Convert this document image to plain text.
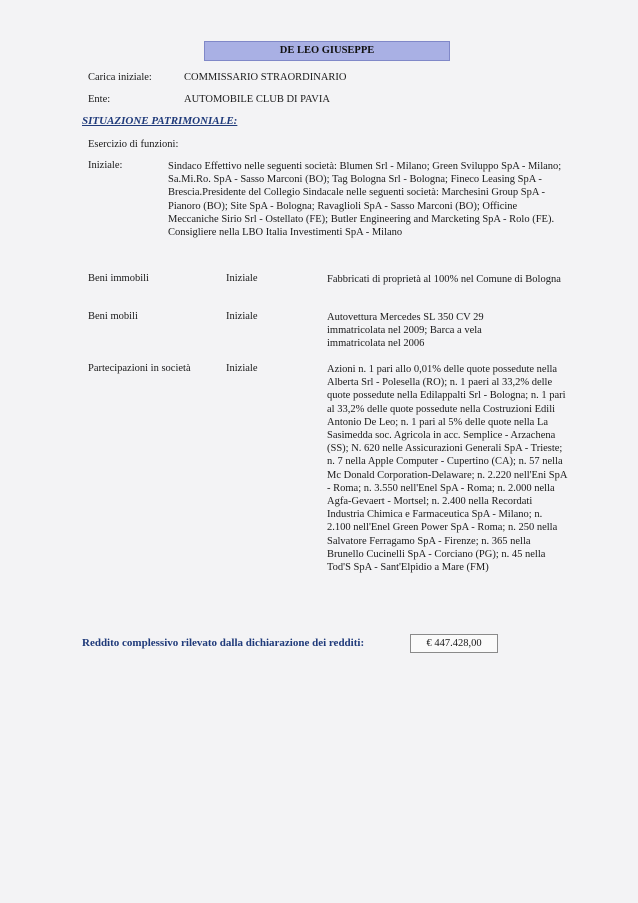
DE LEO GIUSEPPE
Carica iniziale:	COMMISSARIO STRAORDINARIO
Ente:	AUTOMOBILE CLUB DI PAVIA
SITUAZIONE PATRIMONIALE:
Esercizio di funzioni:
Iniziale:	Sindaco Effettivo nelle seguenti società: Blumen Srl - Milano; Green Sviluppo SpA - Milano; Sa.Mi.Ro. SpA - Sasso Marconi (BO); Tag Bologna Srl - Bologna; Fineco Leasing SpA - Brescia.Presidente del Collegio Sindacale nelle seguenti società: Marchesini Group SpA - Pianoro (BO); Site SpA - Bologna; Ravaglioli SpA - Sasso Marconi (BO); Officine Meccaniche Sirio Srl - Ostellato (FE); Butler Engineering and Marcketing SpA - Rolo (FE). Consigliere nella LBO Italia Investimenti SpA - Milano
Beni immobili	Iniziale	Fabbricati di proprietà al 100% nel Comune di Bologna
Beni mobili	Iniziale	Autovettura Mercedes SL 350 CV 29 immatricolata nel 2009; Barca a vela immatricolata nel 2006
Partecipazioni in società	Iniziale	Azioni n. 1 pari allo 0,01% delle quote possedute nella Alberta Srl - Polesella (RO); n. 1 paeri al 33,2% delle quote possedute nella Edilappalti Srl - Bologna; n. 1 pari al 33,2% delle quote possedute nella Costruzioni Edili Antonio De Leo; n. 1 pari al 5% delle quote nella La Sasimedda soc. Agricola in acc. Semplice - Arzachena (SS); N. 620 nelle Assicurazioni Generali SpA - Trieste; n. 7 nella Apple Computer - Cupertino (CA); n. 57 nella Mc Donald Corporation-Delaware; n. 2.220 nell'Eni SpA - Roma; n. 3.550 nell'Enel SpA - Roma; n. 2.000 nella Agfa-Gevaert - Mortsel; n. 2.400 nella Recordati Industria Chimica e Farmaceutica SpA - Milano; n. 2.100 nell'Enel Green Power SpA - Roma; n. 250 nella Salvatore Ferragamo SpA - Firenze; n. 365 nella Brunello Cucinelli SpA - Corciano (PG); n. 45 nella Tod'S SpA - Sant'Elpidio a Mare (FM)
Reddito complessivo rilevato dalla dichiarazione dei redditi:	€ 447.428,00
